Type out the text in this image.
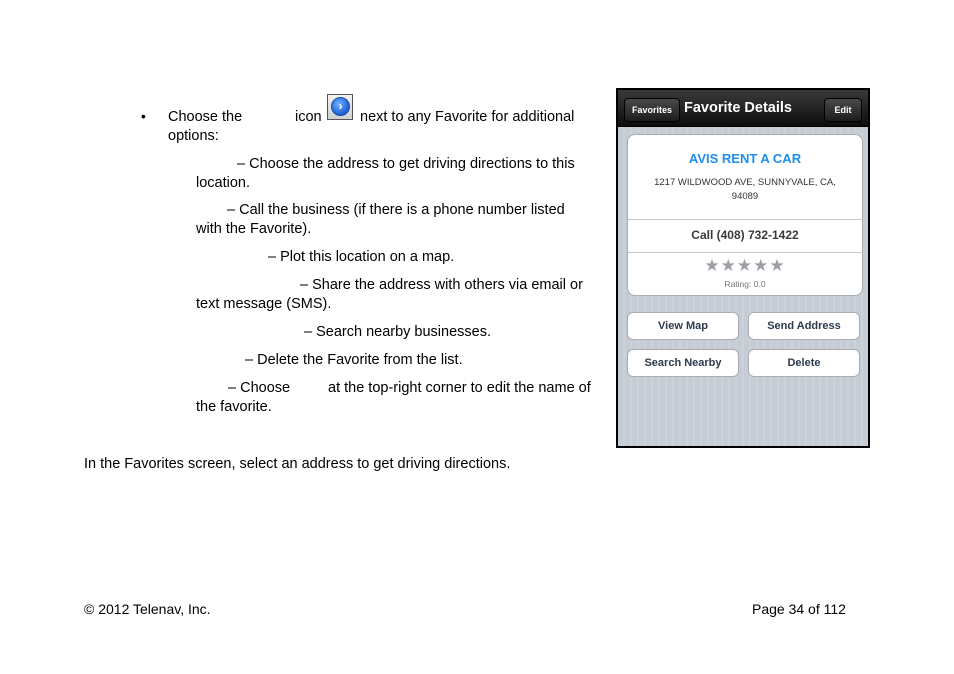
• Choose the	icon
›
next to any Favorite for additional
options:
– Choose the address to get driving directions to this
location.
– Call the business (if there is a phone number listed
with the Favorite).
– Plot this location on a map.
– Share the address with others via email or
text message (SMS).
– Search nearby businesses.
– Delete the Favorite from the list.
– Choose	at the top-right corner to edit the name of
the favorite.
In the Favorites screen, select an address to get driving directions.
Favorites Favorite Details	Edit
AVIS RENT A CAR
1217 WILDWOOD AVE, SUNNYVALE, CA,
94089
Call (408) 732-1422
★★★★★
Rating: 0.0
View Map	Send Address
Search Nearby	Delete
© 2012 Telenav, Inc.	Page 34 of 112
